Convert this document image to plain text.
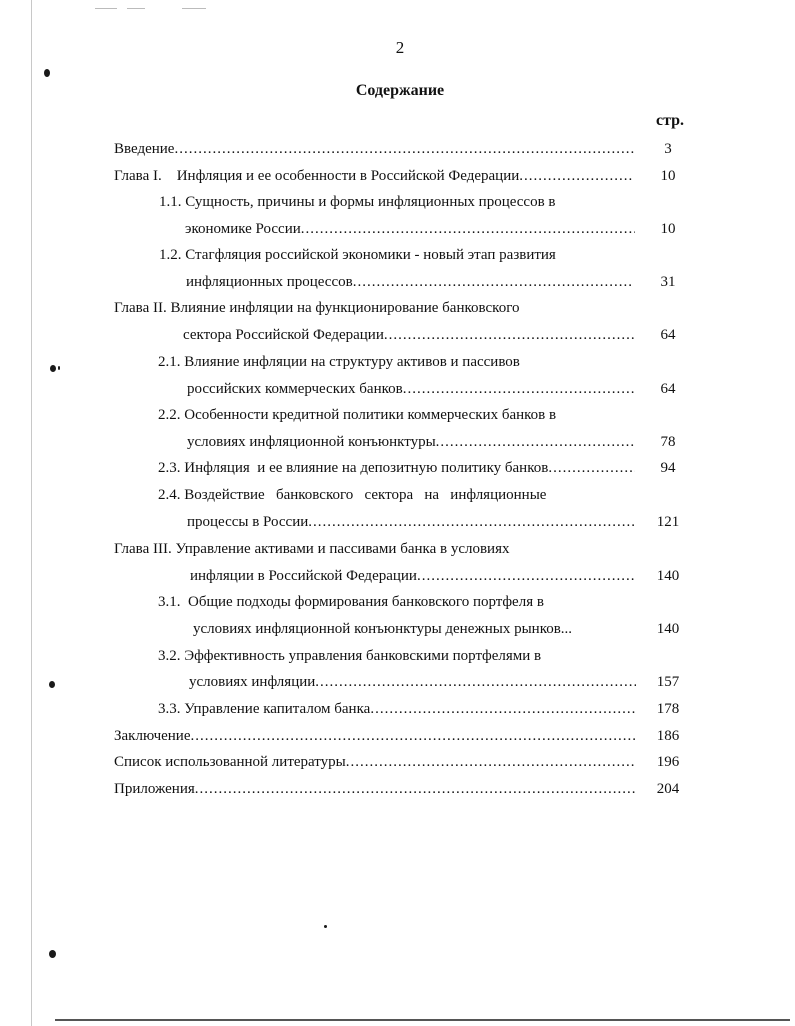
2
Содержание
стр.
Введение .....	3
Глава I.    Инфляция и ее особенности в Российской Федерации .....	10
1.1. Сущность, причины и формы инфляционных процессов в
экономике России .....	10
1.2. Стагфляция российской экономики - новый этап развития
инфляционных процессов .....	31
Глава II. Влияние инфляции на функционирование банковского
сектора Российской Федерации .....	64
2.1. Влияние инфляции на структуру активов и пассивов
российских коммерческих банков .....	64
2.2. Особенности кредитной политики коммерческих банков в
условиях инфляционной конъюнктуры .....	78
2.3. Инфляция  и ее влияние на депозитную политику банков .....	94
2.4. Воздействие   банковского   сектора   на   инфляционные
процессы в России .....	121
Глава III. Управление активами и пассивами банка в условиях
инфляции в Российской Федерации .....	140
3.1.  Общие подходы формирования банковского портфеля в
условиях инфляционной конъюнктуры денежных рынков...	140
3.2. Эффективность управления банковскими портфелями в
условиях инфляции .....	157
3.3. Управление капиталом банка .....	178
Заключение .....	186
Список использованной литературы .....	196
Приложения .....	204
